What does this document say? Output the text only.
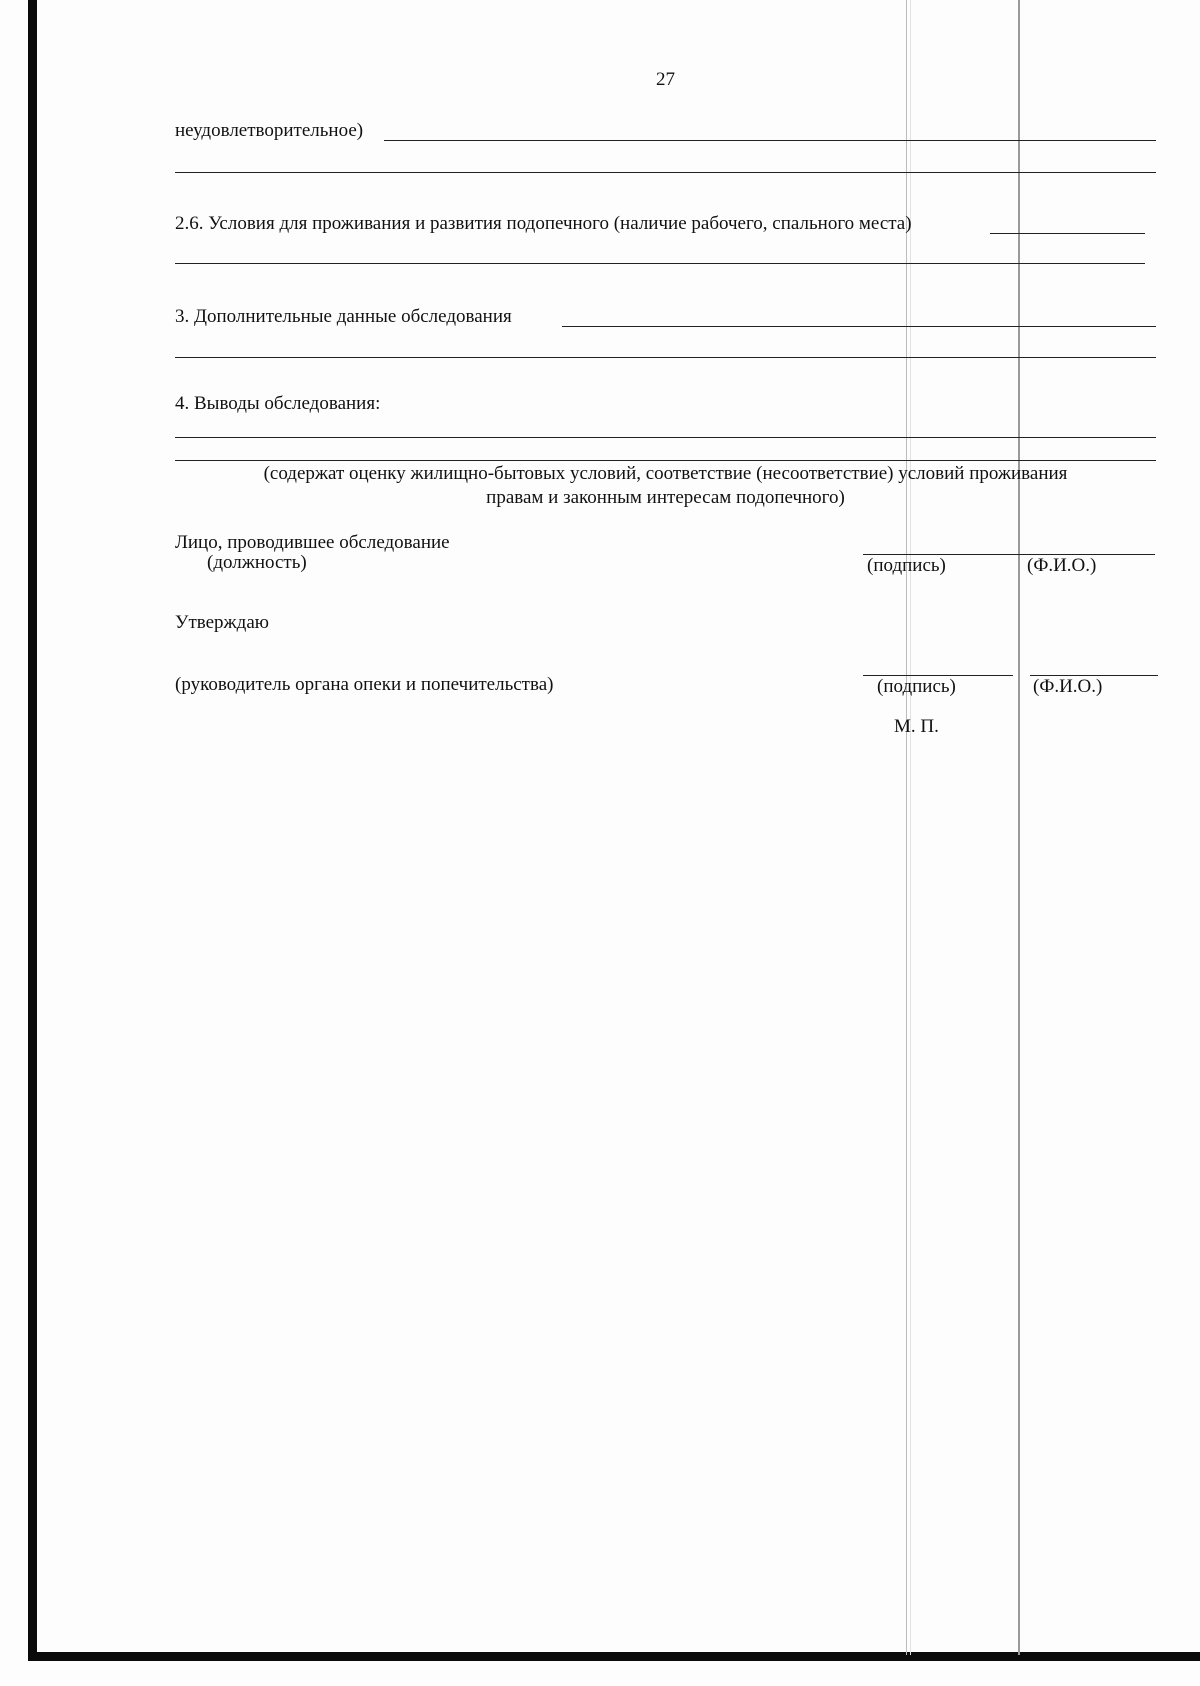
27
неудовлетворительное)
2.6. Условия для проживания и развития подопечного (наличие рабочего, спального места)
3. Дополнительные данные обследования
4. Выводы обследования:
(содержат оценку жилищно-бытовых условий, соответствие (несоответствие) условий проживания
правам и законным интересам подопечного)
Лицо, проводившее обследование
(должность)	(подпись)	(Ф.И.О.)
Утверждаю
(руководитель органа опеки и попечительства)	(подпись)	(Ф.И.О.)
М. П.
